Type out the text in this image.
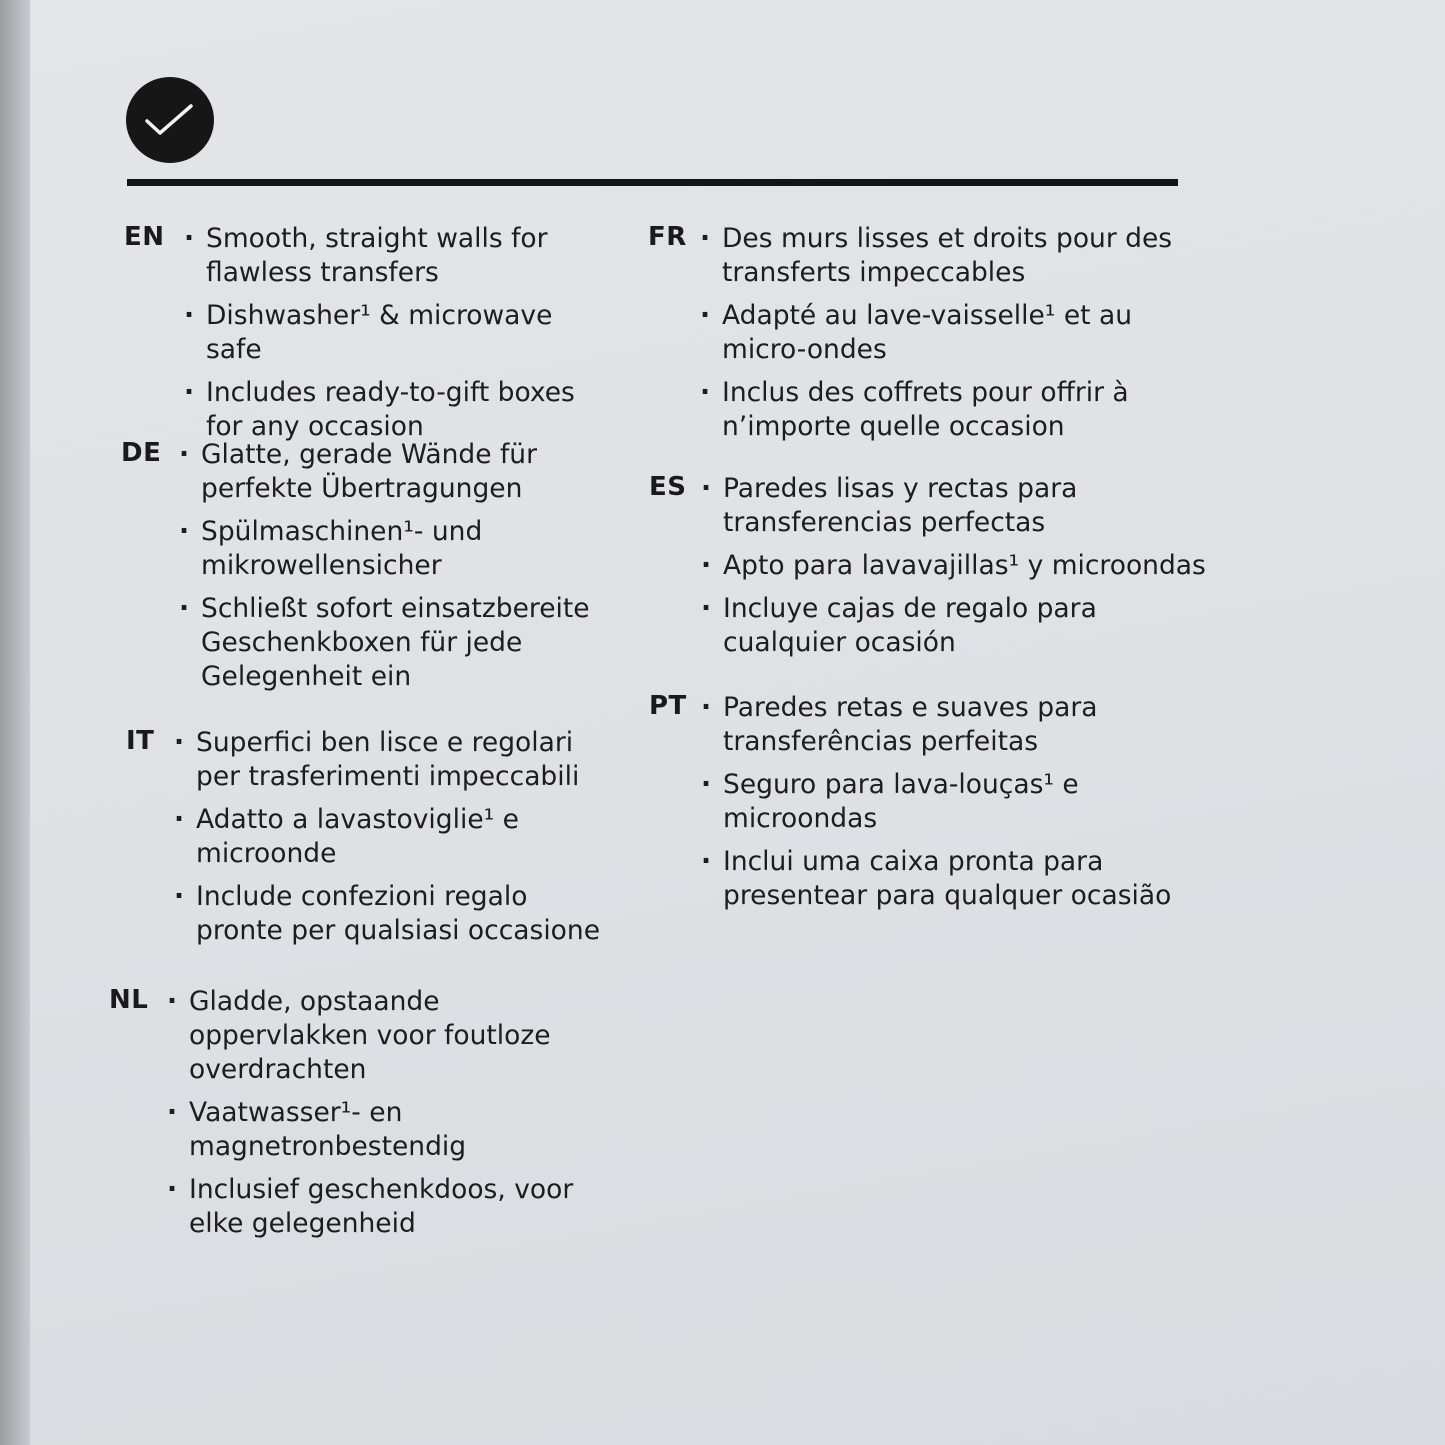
EN	· Smooth, straight walls for
flawless transfers
· Dishwasher¹ & microwave safe
· Includes ready-to-gift boxes
for any occasion
DE	· Glatte, gerade Wände für
perfekte Übertragungen
· Spülmaschinen¹- und
mikrowellensicher
· Schließt sofort einsatzbereite
Geschenkboxen für jede
Gelegenheit ein
IT	· Superfici ben lisce e regolari
per trasferimenti impeccabili
· Adatto a lavastoviglie¹ e
microonde
· Include confezioni regalo
pronte per qualsiasi occasione
NL	· Gladde, opstaande
oppervlakken voor foutloze
overdrachten
· Vaatwasser¹- en
magnetronbestendig
· Inclusief geschenkdoos, voor
elke gelegenheid
FR	· Des murs lisses et droits pour des
transferts impeccables
· Adapté au lave-vaisselle¹ et au
micro-ondes
· Inclus des coffrets pour offrir à
n’importe quelle occasion
ES	· Paredes lisas y rectas para
transferencias perfectas
· Apto para lavavajillas¹ y microondas
· Incluye cajas de regalo para
cualquier ocasión
PT	· Paredes retas e suaves para
transferências perfeitas
· Seguro para lava-louças¹ e
microondas
· Inclui uma caixa pronta para
presentear para qualquer ocasião
